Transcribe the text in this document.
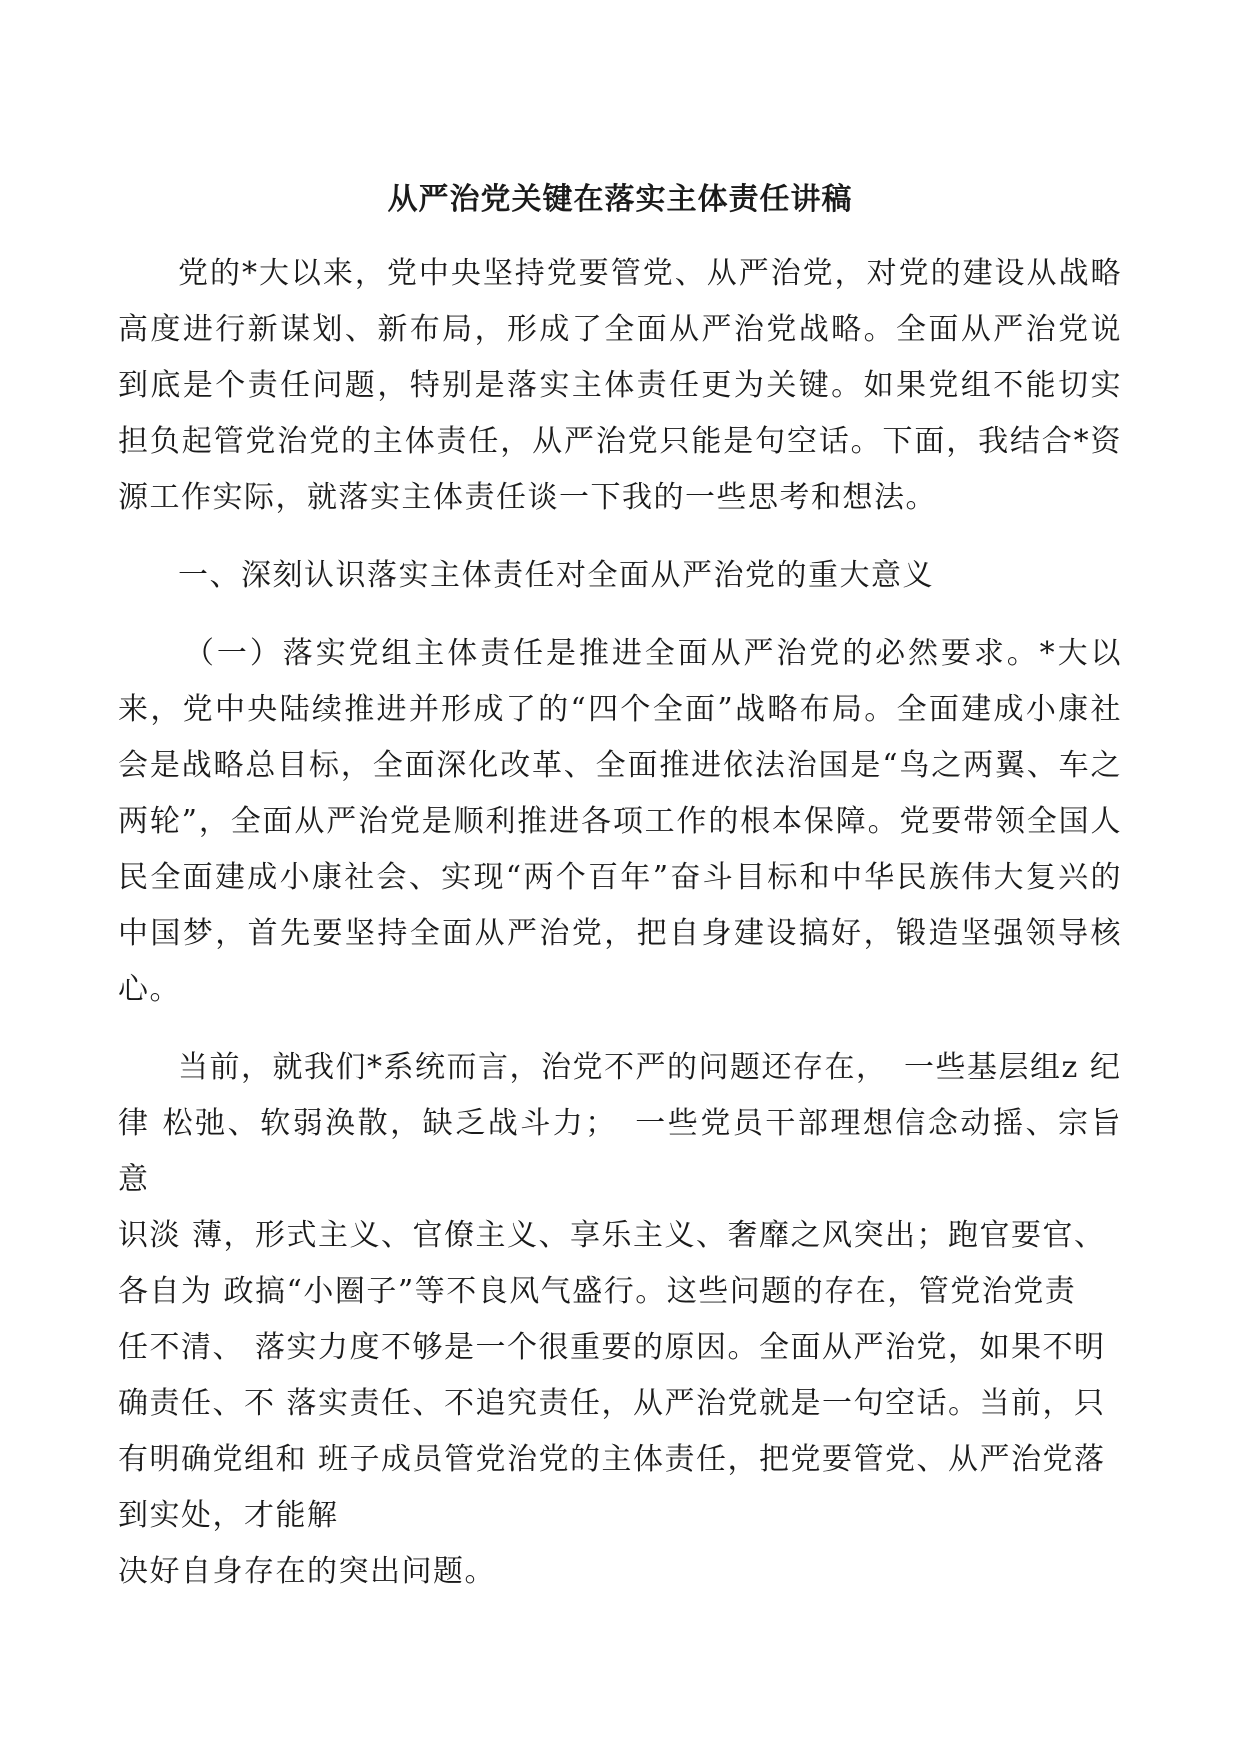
从严治党关键在落实主体责任讲稿

党的*大以来，党中央坚持党要管党、从严治党，对党的建设从战略高度进行新谋划、新布局，形成了全面从严治党战略。全面从严治党说到底是个责任问题，特别是落实主体责任更为关键。如果党组不能切实担负起管党治党的主体责任，从严治党只能是句空话。下面，我结合*资源工作实际，就落实主体责任谈一下我的一些思考和想法。

一、深刻认识落实主体责任对全面从严治党的重大意义

（一）落实党组主体责任是推进全面从严治党的必然要求。*大以来，党中央陆续推进并形成了的“四个全面”战略布局。全面建成小康社会是战略总目标，全面深化改革、全面推进依法治国是“鸟之两翼、车之两轮”，全面从严治党是顺利推进各项工作的根本保障。党要带领全国人民全面建成小康社会、实现“两个百年”奋斗目标和中华民族伟大复兴的中国梦，首先要坚持全面从严治党，把自身建设搞好，锻造坚强领导核心。

当前，就我们*系统而言，治党不严的问题还存在，　一些基层组z 纪
律 松弛、软弱涣散，缺乏战斗力；　一些党员干部理想信念动摇、宗旨意
识淡 薄，形式主义、官僚主义、享乐主义、奢靡之风突出；跑官要官、
各自为 政搞“小圈子”等不良风气盛行。这些问题的存在，管党治党责
任不清、 落实力度不够是一个很重要的原因。全面从严治党，如果不明
确责任、不 落实责任、不追究责任，从严治党就是一句空话。当前，只
有明确党组和 班子成员管党治党的主体责任，把党要管党、从严治党落
到实处，才能解

决好自身存在的突出问题。
